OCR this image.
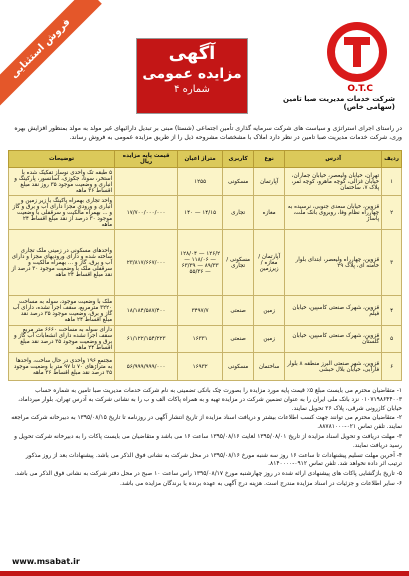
فروش استثنایی	آگهی
مزایده عمومی
شماره ۴	O.T.C
شرکت خدمات مدیریت صبا تامین (سهامی خاص)
در راستای اجرای استراتژی و سیاست های شرکت سرمایه گذاری تأمین اجتماعی (شستا) مبنی بر تبدیل دارائیهای غیر مولد به مولد بمنظور افزایش بهره وری، شرکت خدمات مدیریت صبا تامین در نظر دارد املاک با مشخصات مشروحه ذیل را از طریق مزایده عمومی به فروش رساند.
ردیف	آدرس	نوع	کاربری	متراژ اعیان	قیمت پایه مزایده ریال	توضیحات
۱	تهران، خیابان ولیعصر، خیابان جماران، خیابان غزالی، کوچه ماهرو، کوچه ثمر، پلاک ۷، ساختمان	آپارتمان	مسکونی	۱۲۵۵		۵ طبقه تک واحدی نوساز تفکیک شده با استخر، سونا، جکوزی، آسانسور، پارکینگ و انباری و وضعیت موجود ۳۵ روز نقد مبلغ اقساط ۳۶ ماهه
۲	قزوین، خیابان سعدی جنوبی، نرسیده به چهارراه نظام وفا، روبروی بانک ملت، پاساژ	مغازه	تجاری	۱۴/۱۵ — ۱۴۰	۱۷/۷۰۰/۰۰۰/۰۰۰	واحد تجاری بهمراه پاکینگ با زیر زمین و انباری و ورودی مجزا دارای آب و برق و گاز و ... بهمراه مالکیت و سرقفلی با وضعیت موجود ۳۰ درصد از نقد مبلغ اقساط ۲۴ ماهه
۳	قزوین، چهارراه ولیعصر، ابتدای بلوار خامنه ای، پلاک ۲۹	آپارتمان / مغازه / زیرزمین	مسکونی / تجاری	۱۲۶/۲ — ۱۲۸/۰۴ — ۱۱۸/۰۶ — ۸۹/۳۳ — ۶۳/۳۹ — ۵۵/۳۶	۲۳/۸۱۷/۶۶۷/۰۰۰	واحدهای مسکونی در زمینی ملک تجاری ساخته شده و دارای ورودیهای مجزا و دارای آب و برق، گاز و ... بهمراه مالکیت و سرقفلی ملک با وضعیت موجود ۳۰ درصد از نقد مبلغ اقساط ۲۴ ماهه
۴	قزوین، شهرک صنعتی کاسپین، خیابان فیلم	زمین	صنعتی	۳۴۹۷/۷	۱۸/۱۸۴/۵۸۷/۴۰۰	ملک با وضعیت موجود، سوله به مساحت ۳۲۲۰ مترمربع، سقف اجرا نشده، دارای آب گاز و برق، وضعیت موجود ۳۵ درصد نقد مبلغ اقساط ۲۴ ماهه
۵	قزوین، شهرک صنعتی کاسپین، خیابان گلستان	زمین	صنعتی	۱۶۳۳۱	۶۱/۱۲۲/۱۵۴/۲۲۳	دارای سوله به مساحت ۶۶۶۰ متر مربع سقف اجرا نشده دارای انشعابات آب گاز و برق و وضعیت موجود ۳۵ درصد نقد مبلغ اقساط ۲۴ ماهه
۶	قزوین، شهر صنعتی البرز منطقه ۸ بلوار فارابی، خیابان بلال حبشی	ساختمان	مسکونی	۱۶۹۳۲	۵۶/۹۹۹/۹۹۹/۰۰۰	مجتمع ۱۹۶ واحدی در حال ساخت، واحدها به متراژهای ۷۰ تا ۹۷ متر با وضعیت موجود ۳۵ درصد نقد مبلغ اقساط ۳۶ ماهه

۱- متقاضیان محترم می بایست مبلغ ۵٪ قیمت پایه مورد مزایده را بصورت چک بانکی تضمینی به نام شرکت خدمات مدیریت صبا تامین به شماره حساب ۰۱۰۷۱۹۸۶۴۴۰۰۳ نزد بانک ملی ایران را به عنوان تضمین شرکت در مزایده تهیه و به همراه پاکات الف و ب را به نشانی شرکت به آدرس تهران، بلوار میرداماد، خیابان کازرونی شرقی، پلاک ۲۶ تحویل نمایند.

۲- متقاضیان محترم می توانند جهت کسب اطلاعات بیشتر و دریافت اسناد مزایده از تاریخ انتشار آگهی در روزنامه تا تاریخ ۱۳۹۵/۰۸/۱۵ به دبیرخانه شرکت مراجعه نمایند. تلفن تماس ۰۲۱-۸۸۷۸۱۰۰۰.

۳- مهلت دریافت و تحویل اسناد مزایده از تاریخ ۱۳۹۵/۰۸/۰۱ لغایت ۱۳۹۵/۰۸/۱۶ ساعت ۱۶ می باشد و متقاضیان می بایست پاکات را به دبیرخانه شرکت تحویل و رسید دریافت نمایند.

۴- آخرین مهلت تسلیم پیشنهادات تا ساعت ۱۶ روز سه شنبه مورخ ۱۳۹۵/۰۸/۱۶ در محل شرکت به نشانی فوق الذکر می باشد. پیشنهادات بعد از روز مذکور ترتیب اثر داده نخواهد شد. تلفن تماس ۰۹۱۲-۸۱۴۰۰۰۰.

۵- تاریخ بازگشایی پاکات های پیشنهادی ارائه شده در روز چهارشنبه مورخ ۱۳۹۵/۰۸/۱۷ راس ساعت ۱۰ صبح در محل دفتر شرکت به نشانی فوق الذکر می باشد.

۶- سایر اطلاعات و جزئیات در اسناد مزایده مندرج است. هزینه درج آگهی به عهده برنده یا برندگان مزایده می باشد.

www.msabat.ir
